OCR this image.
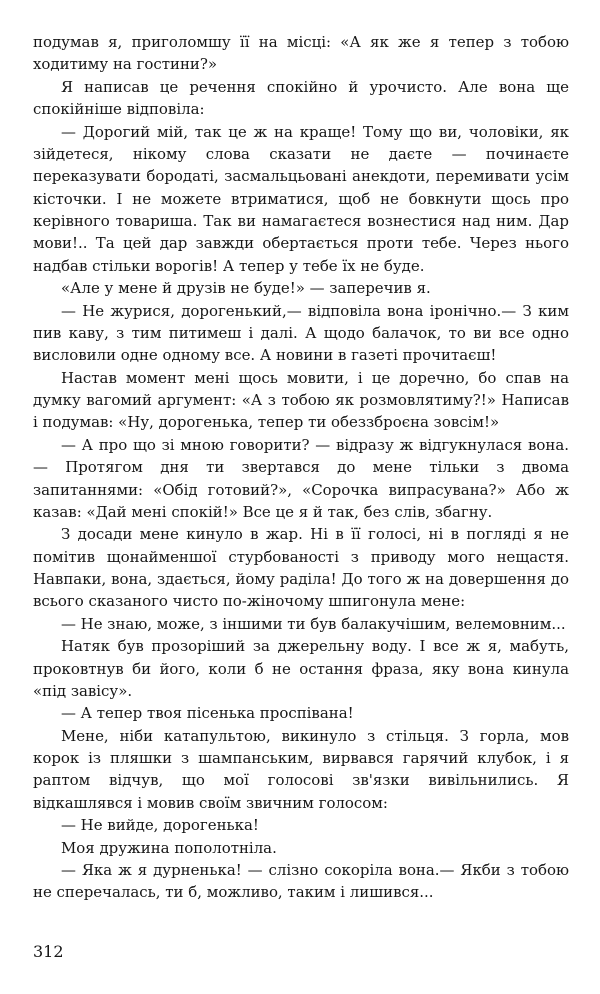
подумав я, приголомшу її на місці: «А як же я тепер з тобою ходитиму на гостини?»

Я написав це речення спокійно й урочисто. Але вона ще спокійніше відповіла:

— Дорогий мій, так це ж на краще! Тому що ви, чоловіки, як зійдетеся, нікому слова сказати не даєте — починаєте переказувати бородаті, засмальцьовані анекдоти, перемивати усім кісточки. І не можете втриматися, щоб не бовкнути щось про керівного товариша. Так ви намагаєтеся вознестися над ним. Дар мови!.. Та цей дар завжди обертається проти тебе. Через нього надбав стільки ворогів! А тепер у тебе їх не буде.

«Але у мене й друзів не буде!» — заперечив я.

— Не журися, дорогенький,— відповіла вона іронічно.— З ким пив каву, з тим питимеш і далі. А щодо балачок, то ви все одно висловили одне одному все. А новини в газеті прочитаєш!

Настав момент мені щось мовити, і це доречно, бо спав на думку вагомий аргумент: «А з тобою як розмовлятиму?!» Написав і подумав: «Ну, дорогенька, тепер ти обеззброєна зовсім!»

— А про що зі мною говорити? — відразу ж відгукнулася вона.— Протягом дня ти звертався до мене тільки з двома запитаннями: «Обід готовий?», «Сорочка випрасувана?» Або ж казав: «Дай мені спокій!» Все це я й так, без слів, збагну.

З досади мене кинуло в жар. Ні в її голосі, ні в погляді я не помітив щонайменшої стурбованості з приводу мого нещастя. Навпаки, вона, здається, йому раділа! До того ж на довершення до всього сказаного чисто по-жіночому шпигонула мене:

— Не знаю, може, з іншими ти був балакучішим, велемовним...

Натяк був прозоріший за джерельну воду. І все ж я, мабуть, проковтнув би його, коли б не остання фраза, яку вона кинула «під завісу».

— А тепер твоя пісенька проспівана!

Мене, ніби катапультою, викинуло з стільця. З горла, мов корок із пляшки з шампанським, вирвався гарячий клубок, і я раптом відчув, що мої голосові зв'язки вивільнились. Я відкашлявся і мовив своїм звичним голосом:

— Не вийде, дорогенька!

Моя дружина пополотніла.

— Яка ж я дурненька! — слізно сокоріла вона.— Якби з тобою не сперечалась, ти б, можливо, таким і лишився...

312
